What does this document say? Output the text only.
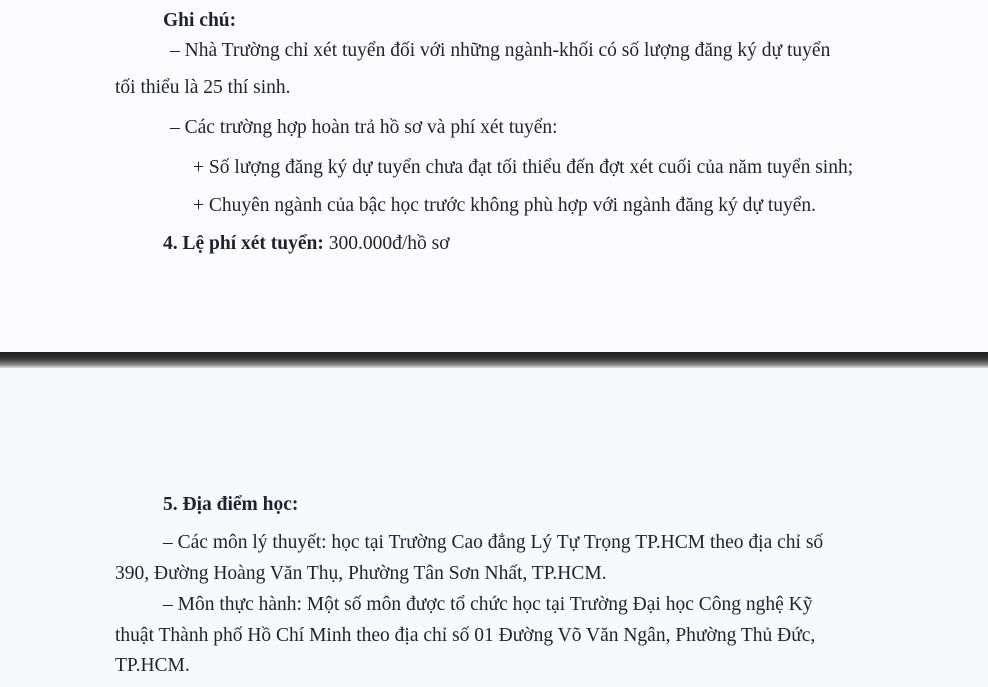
Ghi chú:
– Nhà Trường chỉ xét tuyển đối với những ngành-khối có số lượng đăng ký dự tuyển
tối thiểu là 25 thí sinh.
– Các trường hợp hoàn trả hồ sơ và phí xét tuyển:
+ Số lượng đăng ký dự tuyển chưa đạt tối thiểu đến đợt xét cuối của năm tuyển sinh;
+ Chuyên ngành của bậc học trước không phù hợp với ngành đăng ký dự tuyển.
4. Lệ phí xét tuyển: 300.000đ/hồ sơ
5. Địa điểm học:
– Các môn lý thuyết: học tại Trường Cao đẳng Lý Tự Trọng TP.HCM theo địa chỉ số
390, Đường Hoàng Văn Thụ, Phường Tân Sơn Nhất, TP.HCM.
– Môn thực hành: Một số môn được tổ chức học tại Trường Đại học Công nghệ Kỹ
thuật Thành phố Hồ Chí Minh theo địa chỉ số 01 Đường Võ Văn Ngân, Phường Thủ Đức,
TP.HCM.
